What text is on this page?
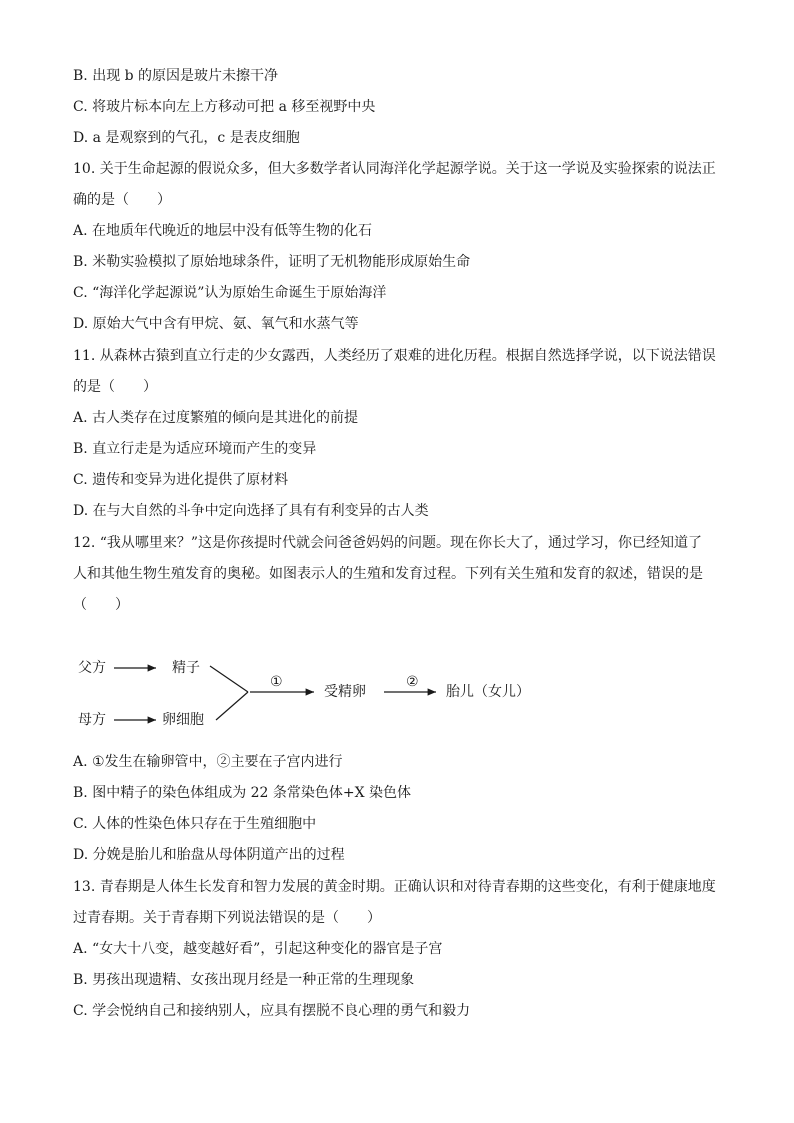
B. 出现 b 的原因是玻片未擦干净
C. 将玻片标本向左上方移动可把 a 移至视野中央
D. a 是观察到的气孔，c 是表皮细胞
10. 关于生命起源的假说众多，但大多数学者认同海洋化学起源学说。关于这一学说及实验探索的说法正
确的是（　　）
A. 在地质年代晚近的地层中没有低等生物的化石
B. 米勒实验模拟了原始地球条件，证明了无机物能形成原始生命
C. “海洋化学起源说”认为原始生命诞生于原始海洋
D. 原始大气中含有甲烷、氨、氧气和水蒸气等
11. 从森林古猿到直立行走的少女露西，人类经历了艰难的进化历程。根据自然选择学说，以下说法错误
的是（　　）
A. 古人类存在过度繁殖的倾向是其进化的前提
B. 直立行走是为适应环境而产生的变异
C. 遗传和变异为进化提供了原材料
D. 在与大自然的斗争中定向选择了具有有利变异的古人类
12. “我从哪里来？”这是你孩提时代就会问爸爸妈妈的问题。现在你长大了，通过学习，你已经知道了
人和其他生物生殖发育的奥秘。如图表示人的生殖和发育过程。下列有关生殖和发育的叙述，错误的是
（　　）
父方	精子
母方	卵细胞
①
受精卵
②
胎儿（女儿）
A. ①发生在输卵管中，②主要在子宫内进行
B. 图中精子的染色体组成为 22 条常染色体+X 染色体
C. 人体的性染色体只存在于生殖细胞中
D. 分娩是胎儿和胎盘从母体阴道产出的过程
13. 青春期是人体生长发育和智力发展的黄金时期。正确认识和对待青春期的这些变化，有利于健康地度
过青春期。关于青春期下列说法错误的是（　　）
A. “女大十八变，越变越好看”，引起这种变化的器官是子宫
B. 男孩出现遗精、女孩出现月经是一种正常的生理现象
C. 学会悦纳自己和接纳别人，应具有摆脱不良心理的勇气和毅力
